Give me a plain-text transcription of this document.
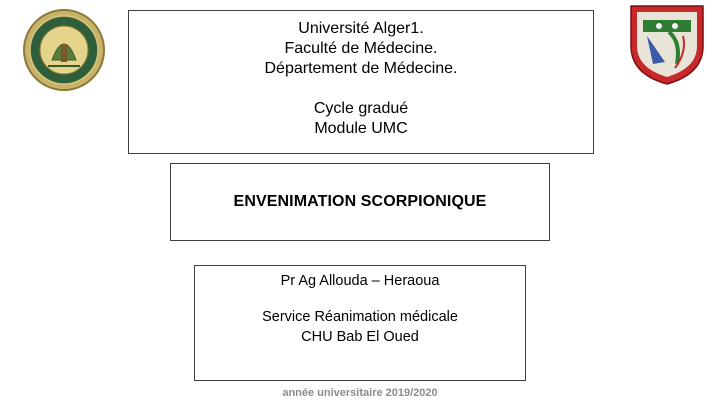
Université Alger1.
Faculté de Médecine.
Département de Médecine.
Cycle gradué
Module UMC
ENVENIMATION SCORPIONIQUE
Pr Ag Allouda – Heraoua
Service Réanimation médicale
CHU Bab El Oued
année universitaire 2019/2020
